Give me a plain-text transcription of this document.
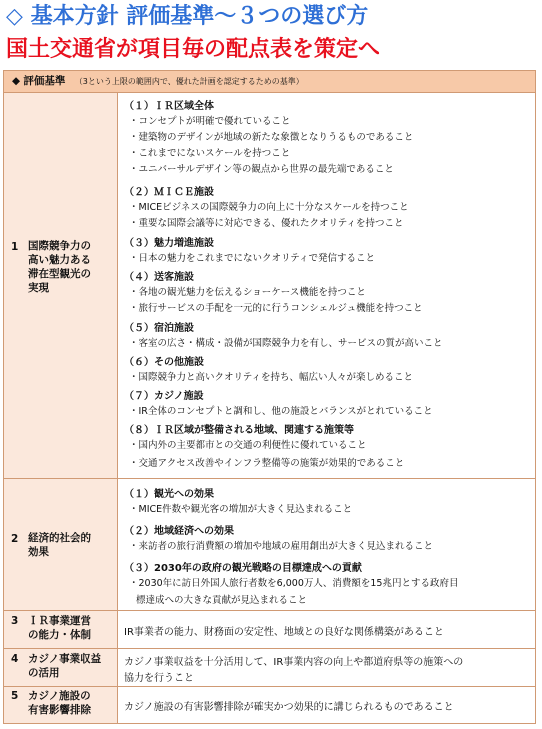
◇ 基本方針 評価基準～３つの選び方
国土交通省が項目毎の配点表を策定へ
◆ 評価基準 （3という上限の範囲内で、優れた計画を認定するための基準）
1 国際競争力の
高い魅力ある
滞在型観光の
実現
（１）ＩＲ区域全体
・コンセプトが明確で優れていること
・建築物のデザインが地域の新たな象徴となりうるものであること
・これまでにないスケールを持つこと
・ユニバーサルデザイン等の観点から世界の最先端であること
（２）ＭＩＣＥ施設
・MICEビジネスの国際競争力の向上に十分なスケールを持つこと
・重要な国際会議等に対応できる、優れたクオリティを持つこと
（３）魅力増進施設
・日本の魅力をこれまでにないクオリティで発信すること
（４）送客施設
・各地の観光魅力を伝えるショーケース機能を持つこと
・旅行サービスの手配を一元的に行うコンシェルジュ機能を持つこと
（５）宿泊施設
・客室の広さ・構成・設備が国際競争力を有し、サービスの質が高いこと
（６）その他施設
・国際競争力と高いクオリティを持ち、幅広い人々が楽しめること
（７）カジノ施設
・IR全体のコンセプトと調和し、他の施設とバランスがとれていること
（８）ＩＲ区域が整備される地域、関連する施策等
・国内外の主要都市との交通の利便性に優れていること
・交通アクセス改善やインフラ整備等の施策が効果的であること
2 経済的社会的
効果
（１）観光への効果
・MICE件数や観光客の増加が大きく見込まれること
（２）地域経済への効果
・来訪者の旅行消費額の増加や地域の雇用創出が大きく見込まれること
（３）2030年の政府の観光戦略の目標達成への貢献
・2030年に訪日外国人旅行者数を6,000万人、消費額を15兆円とする政府目
標達成への大きな貢献が見込まれること
3 ＩＲ事業運営
の能力・体制	IR事業者の能力、財務面の安定性、地域との良好な関係構築があること
4 カジノ事業収益
の活用
カジノ事業収益を十分活用して、IR事業内容の向上や都道府県等の施策への
協力を行うこと
5 カジノ施設の
有害影響排除	カジノ施設の有害影響排除が確実かつ効果的に講じられるものであること
